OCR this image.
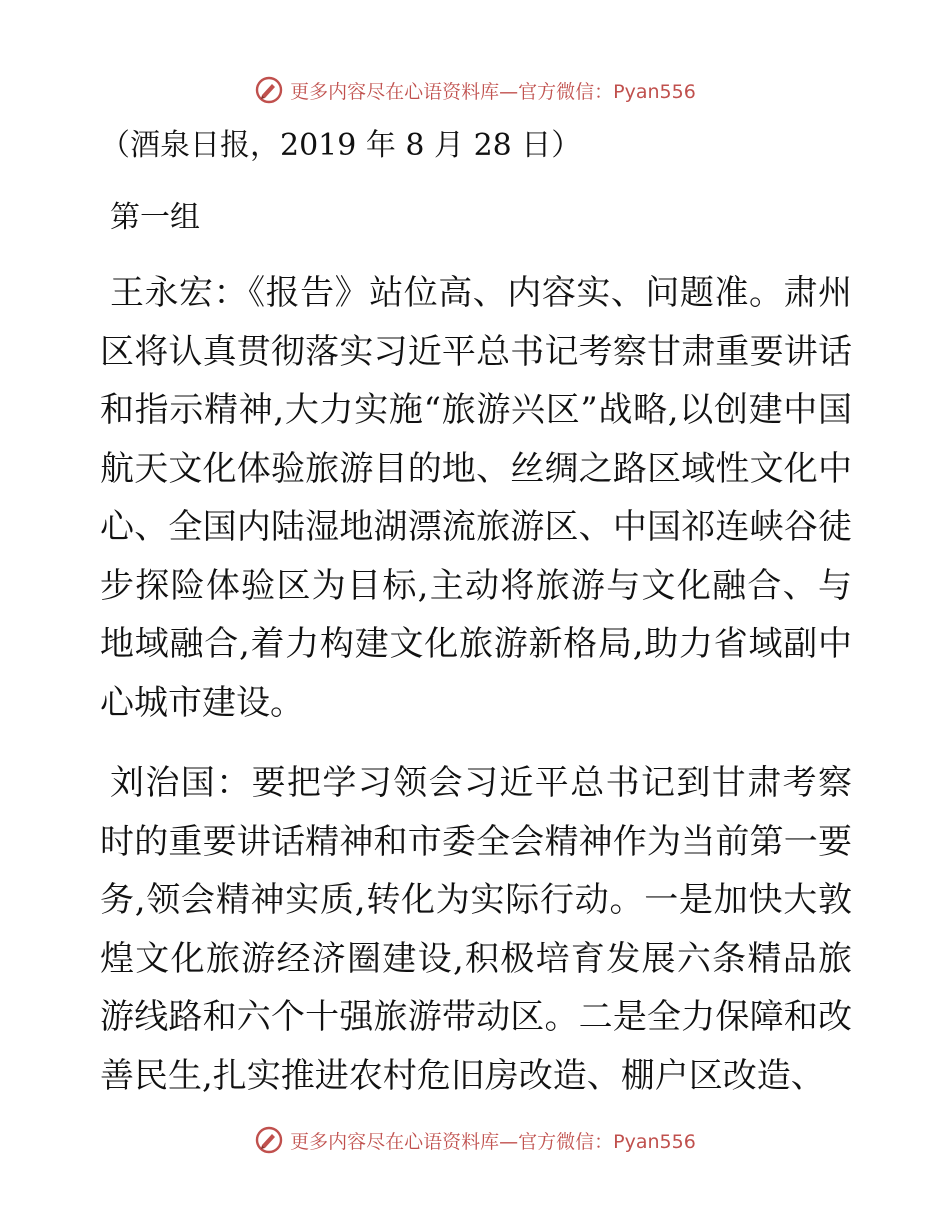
更多内容尽在心语资料库—官方微信：Pyan556

（酒泉日报，2019 年 8 月 28 日）

第一组

王永宏：《报告》站位高、内容实、问题准。肃州区将认真贯彻落实习近平总书记考察甘肃重要讲话和指示精神,大力实施“旅游兴区”战略,以创建中国航天文化体验旅游目的地、丝绸之路区域性文化中心、全国内陆湿地湖漂流旅游区、中国祁连峡谷徒步探险体验区为目标,主动将旅游与文化融合、与地域融合,着力构建文化旅游新格局,助力省域副中心城市建设。

刘治国：要把学习领会习近平总书记到甘肃考察时的重要讲话精神和市委全会精神作为当前第一要务,领会精神实质,转化为实际行动。一是加快大敦煌文化旅游经济圈建设,积极培育发展六条精品旅游线路和六个十强旅游带动区。二是全力保障和改善民生,扎实推进农村危旧房改造、棚户区改造、

更多内容尽在心语资料库—官方微信：Pyan556
